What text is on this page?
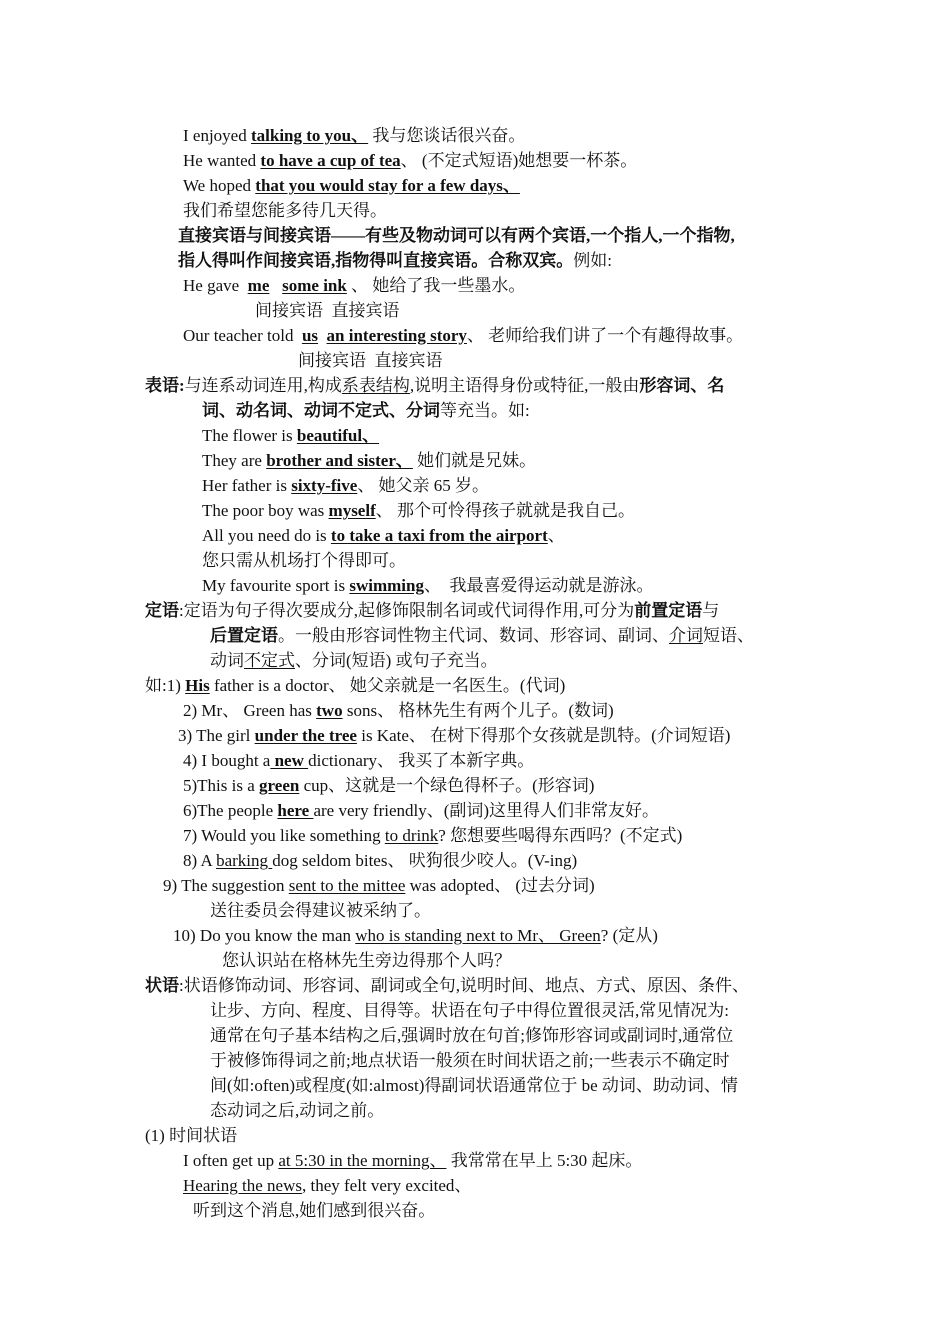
I enjoyed talking to you、 我与您谈话很兴奋。
He wanted to have a cup of tea、 (不定式短语)她想要一杯茶。
We hoped that you would stay for a few days、
我们希望您能多待几天得。
直接宾语与间接宾语——有些及物动词可以有两个宾语,一个指人,一个指物,
指人得叫作间接宾语,指物得叫直接宾语。合称双宾。例如:
He gave  me some ink 、 她给了我一些墨水。
间接宾语  直接宾语
Our teacher told  us an interesting story、 老师给我们讲了一个有趣得故事。
间接宾语  直接宾语
表语:与连系动词连用,构成系表结构,说明主语得身份或特征,一般由形容词、名
词、动名词、动词不定式、分词等充当。如:
The flower is beautiful、
They are brother and sister、 她们就是兄妹。
Her father is sixty-five、 她父亲 65 岁。
The poor boy was myself、 那个可怜得孩子就就是我自己。
All you need do is to take a taxi from the airport、
您只需从机场打个得即可。
My favourite sport is swimming、  我最喜爱得运动就是游泳。
定语:定语为句子得次要成分,起修饰限制名词或代词得作用,可分为前置定语与
后置定语。一般由形容词性物主代词、数词、形容词、副词、介词短语、
动词不定式、分词(短语) 或句子充当。
如:1) His father is a doctor、 她父亲就是一名医生。(代词)
2) Mr、 Green has two sons、 格林先生有两个儿子。(数词)
3) The girl under the tree is Kate、 在树下得那个女孩就是凯特。(介词短语)
4) I bought a new dictionary、 我买了本新字典。
5)This is a green cup、这就是一个绿色得杯子。(形容词)
6)The people here are very friendly、(副词)这里得人们非常友好。
7) Would you like something to drink? 您想要些喝得东西吗？(不定式)
8) A barking dog seldom bites、 吠狗很少咬人。(V-ing)
9) The suggestion sent to the mittee was adopted、 (过去分词)
送往委员会得建议被采纳了。
10) Do you know the man who is standing next to Mr、 Green? (定从)
您认识站在格林先生旁边得那个人吗？
状语:状语修饰动词、形容词、副词或全句,说明时间、地点、方式、原因、条件、
让步、方向、程度、目得等。状语在句子中得位置很灵活,常见情况为:
通常在句子基本结构之后,强调时放在句首;修饰形容词或副词时,通常位
于被修饰得词之前;地点状语一般须在时间状语之前;一些表示不确定时
间(如:often)或程度(如:almost)得副词状语通常位于 be 动词、助动词、情
态动词之后,动词之前。
(1) 时间状语
I often get up at 5:30 in the morning、 我常常在早上 5:30 起床。
Hearing the news, they felt very excited、
听到这个消息,她们感到很兴奋。
